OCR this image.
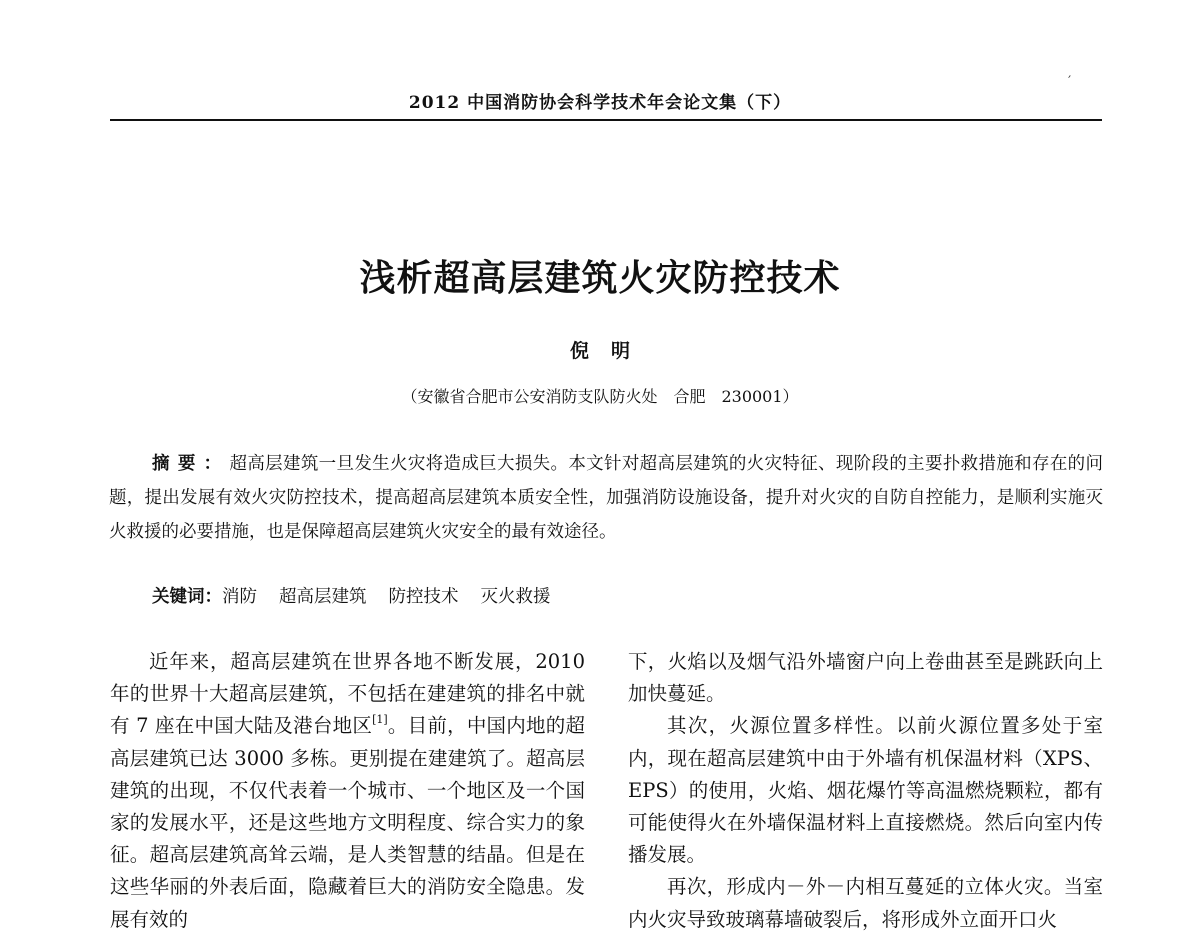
′
2012 中国消防协会科学技术年会论文集（下）
浅析超高层建筑火灾防控技术
倪明
（安徽省合肥市公安消防支队防火处　合肥　230001）
摘要：超高层建筑一旦发生火灾将造成巨大损失。本文针对超高层建筑的火灾特征、现阶段的主要扑救措施和存在的问题，提出发展有效火灾防控技术，提高超高层建筑本质安全性，加强消防设施设备，提升对火灾的自防自控能力，是顺利实施灭火救援的必要措施，也是保障超高层建筑火灾安全的最有效途径。
关键词：消防 超高层建筑 防控技术 灭火救援

近年来，超高层建筑在世界各地不断发展，2010 年的世界十大超高层建筑，不包括在建建筑的排名中就有 7 座在中国大陆及港台地区[1]。目前，中国内地的超高层建筑已达 3000 多栋。更别提在建建筑了。超高层建筑的出现，不仅代表着一个城市、一个地区及一个国家的发展水平，还是这些地方文明程度、综合实力的象征。超高层建筑高耸云端，是人类智慧的结晶。但是在这些华丽的外表后面，隐藏着巨大的消防安全隐患。发展有效的

下，火焰以及烟气沿外墙窗户向上卷曲甚至是跳跃向上加快蔓延。

其次，火源位置多样性。以前火源位置多处于室内，现在超高层建筑中由于外墙有机保温材料（XPS、EPS）的使用，火焰、烟花爆竹等高温燃烧颗粒，都有可能使得火在外墙保温材料上直接燃烧。然后向室内传播发展。

再次，形成内－外－内相互蔓延的立体火灾。当室内火灾导致玻璃幕墙破裂后，将形成外立面开口火
